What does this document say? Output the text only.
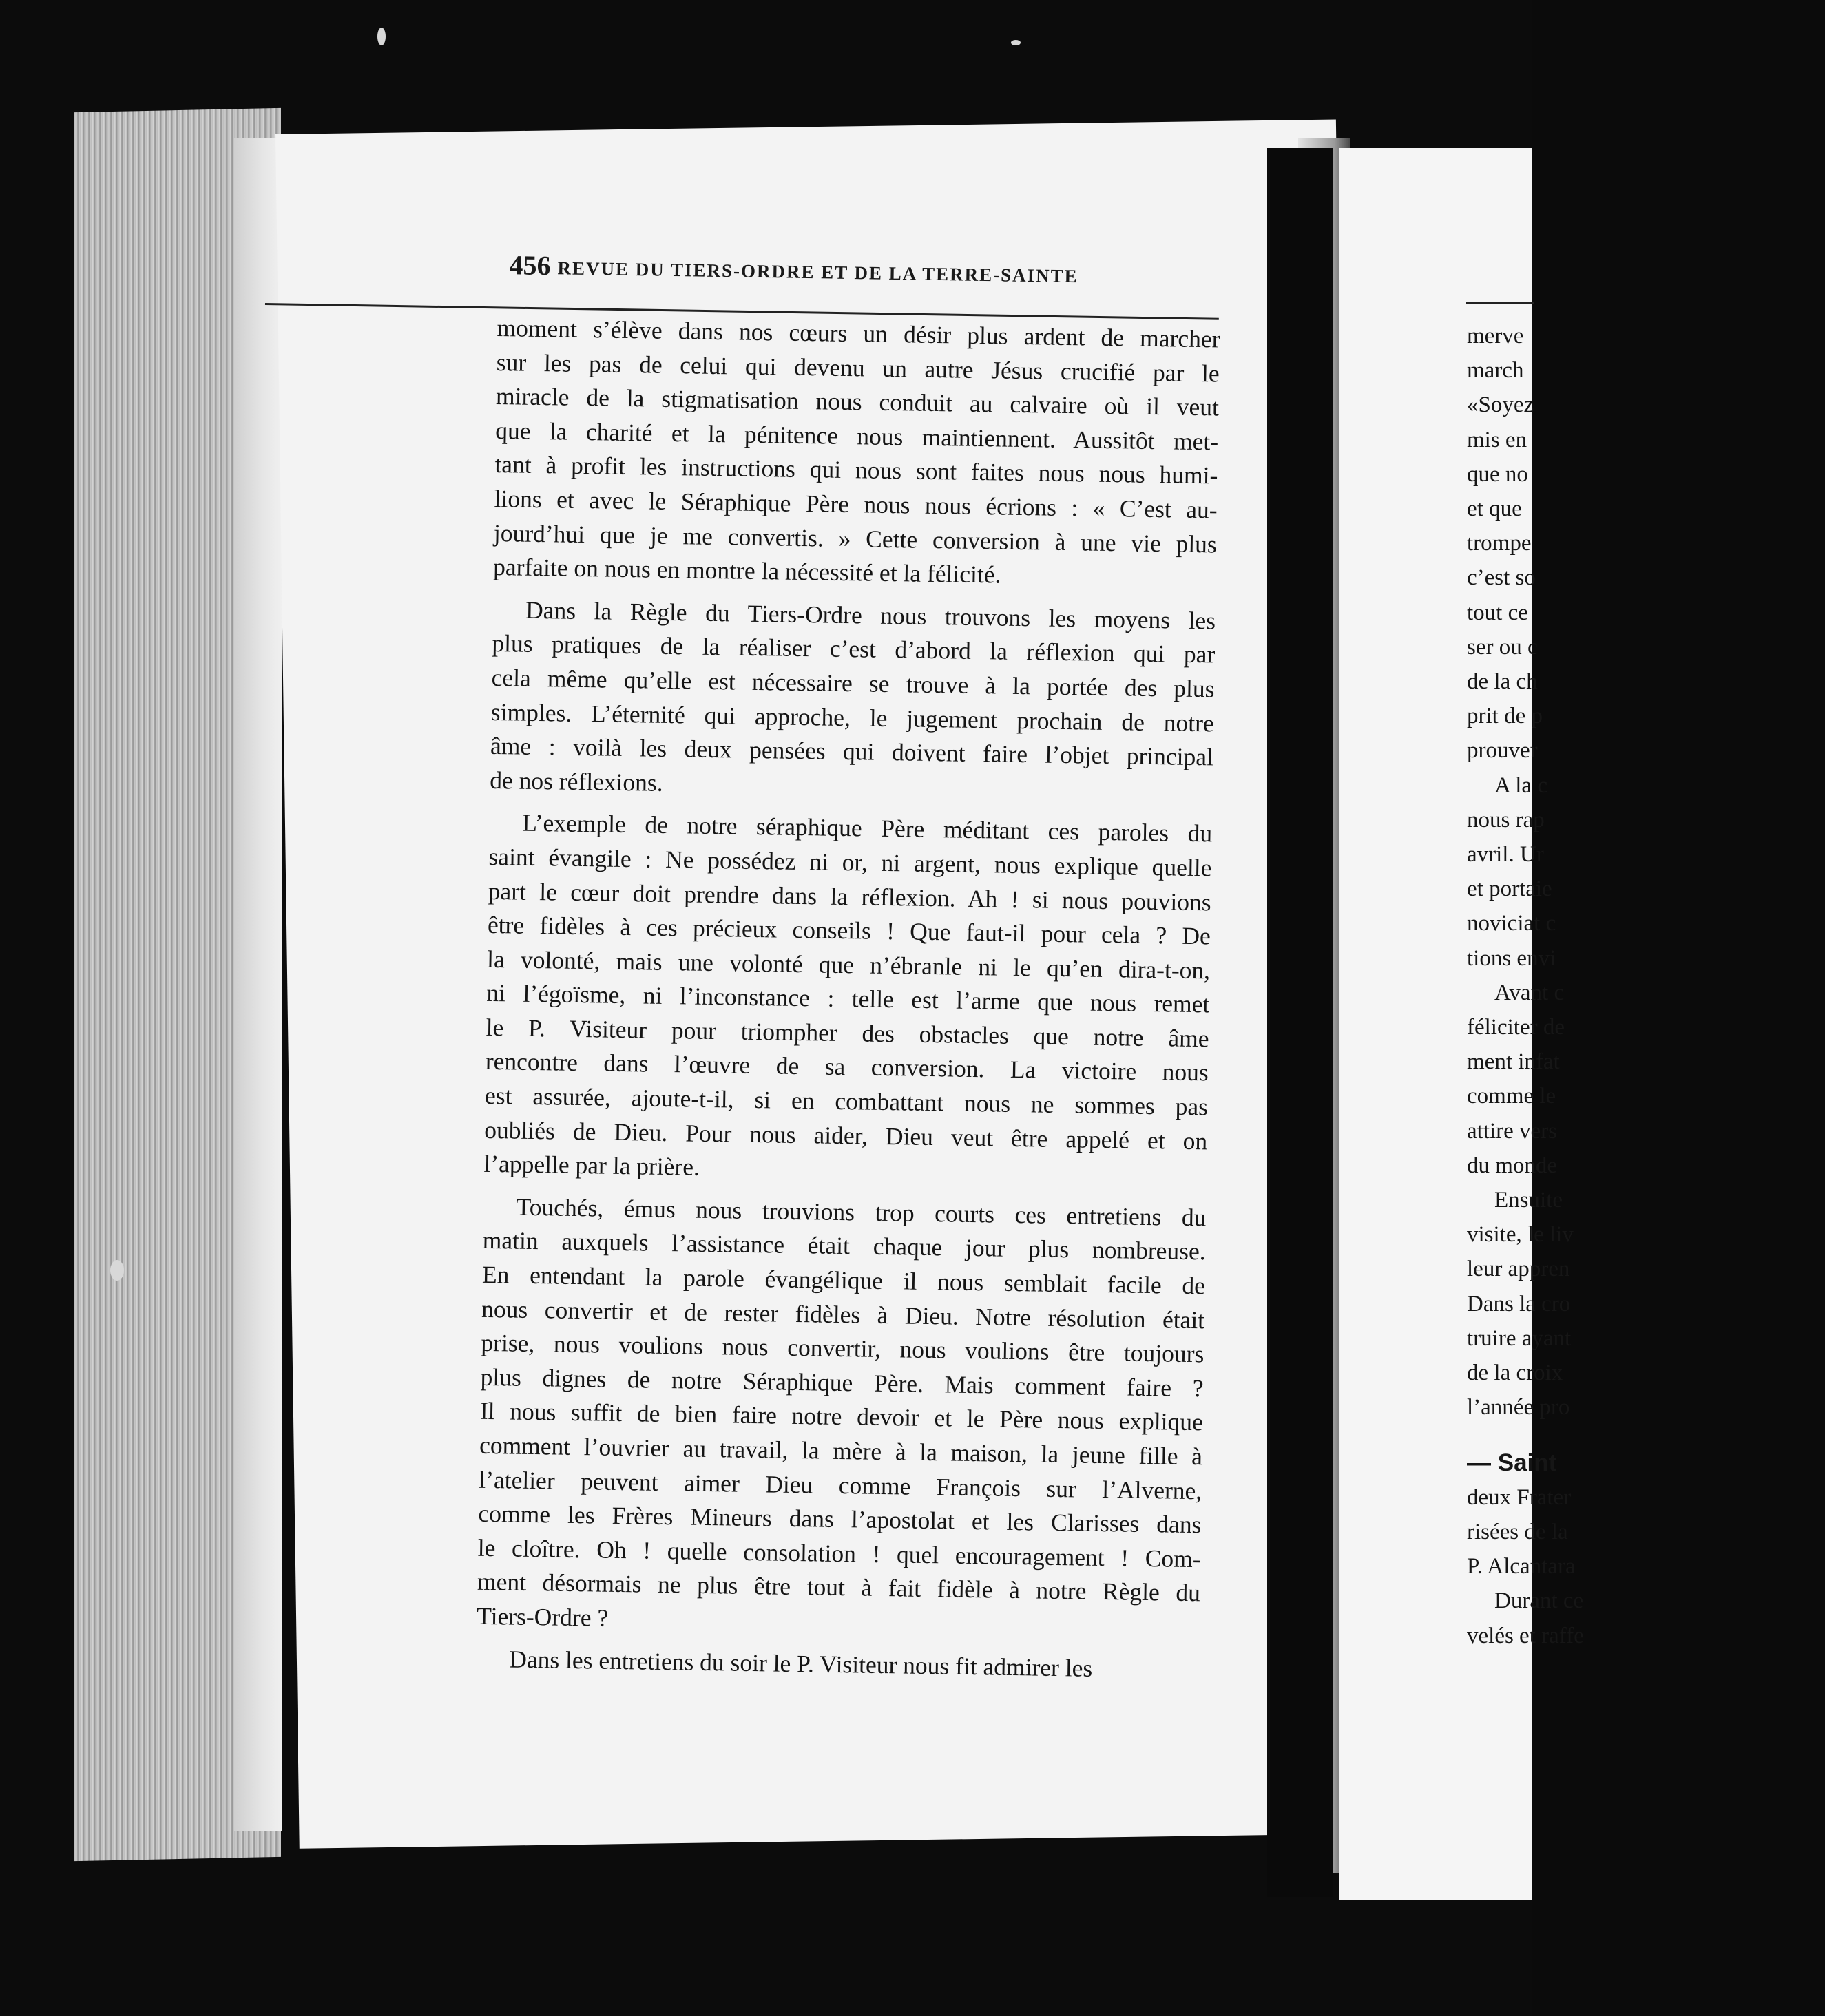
456 REVUE DU TIERS-ORDRE ET DE LA TERRE-SAINTE
moment s’élève dans nos cœurs un désir plus ardent de marcher
sur les pas de celui qui devenu un autre Jésus crucifié par le
miracle de la stigmatisation nous conduit au calvaire où il veut
que la charité et la pénitence nous maintiennent. Aussitôt met-
tant à profit les instructions qui nous sont faites nous nous humi-
lions et avec le Séraphique Père nous nous écrions : « C’est au-
jourd’hui que je me convertis. » Cette conversion à une vie plus
parfaite on nous en montre la nécessité et la félicité.
Dans la Règle du Tiers-Ordre nous trouvons les moyens les
plus pratiques de la réaliser c’est d’abord la réflexion qui par
cela même qu’elle est nécessaire se trouve à la portée des plus
simples. L’éternité qui approche, le jugement prochain de notre
âme : voilà les deux pensées qui doivent faire l’objet principal
de nos réflexions.
L’exemple de notre séraphique Père méditant ces paroles du
saint évangile : Ne possédez ni or, ni argent, nous explique quelle
part le cœur doit prendre dans la réflexion. Ah ! si nous pouvions
être fidèles à ces précieux conseils ! Que faut-il pour cela ? De
la volonté, mais une volonté que n’ébranle ni le qu’en dira-t-on,
ni l’égoïsme, ni l’inconstance : telle est l’arme que nous remet
le P. Visiteur pour triompher des obstacles que notre âme
rencontre dans l’œuvre de sa conversion. La victoire nous
est assurée, ajoute-t-il, si en combattant nous ne sommes pas
oubliés de Dieu. Pour nous aider, Dieu veut être appelé et on
l’appelle par la prière.
Touchés, émus nous trouvions trop courts ces entretiens du
matin auxquels l’assistance était chaque jour plus nombreuse.
En entendant la parole évangélique il nous semblait facile de
nous convertir et de rester fidèles à Dieu. Notre résolution était
prise, nous voulions nous convertir, nous voulions être toujours
plus dignes de notre Séraphique Père. Mais comment faire ?
Il nous suffit de bien faire notre devoir et le Père nous explique
comment l’ouvrier au travail, la mère à la maison, la jeune fille à
l’atelier peuvent aimer Dieu comme François sur l’Alverne,
comme les Frères Mineurs dans l’apostolat et les Clarisses dans
le cloître. Oh ! quelle consolation ! quel encouragement ! Com-
ment désormais ne plus être tout à fait fidèle à notre Règle du
Tiers-Ordre ?
Dans les entretiens du soir le P. Visiteur nous fit admirer les
merve
march
«Soyez
mis en
que no
et que
trompe
c’est so
tout ce
ser ou c
de la ch
prit de p
prouver
A la c
nous rap
avril. Ur
et portaie
noviciat c
tions envi
Avant c
féliciter de
ment infat
comme le
attire vers
du monde
Ensuite
visite, le liv
leur appren
Dans la cro
truire ayant
de la croix
l’année pro
— Saint
deux Frater
risées de la
P. Alcantara
Durant ce
velés et raffe
